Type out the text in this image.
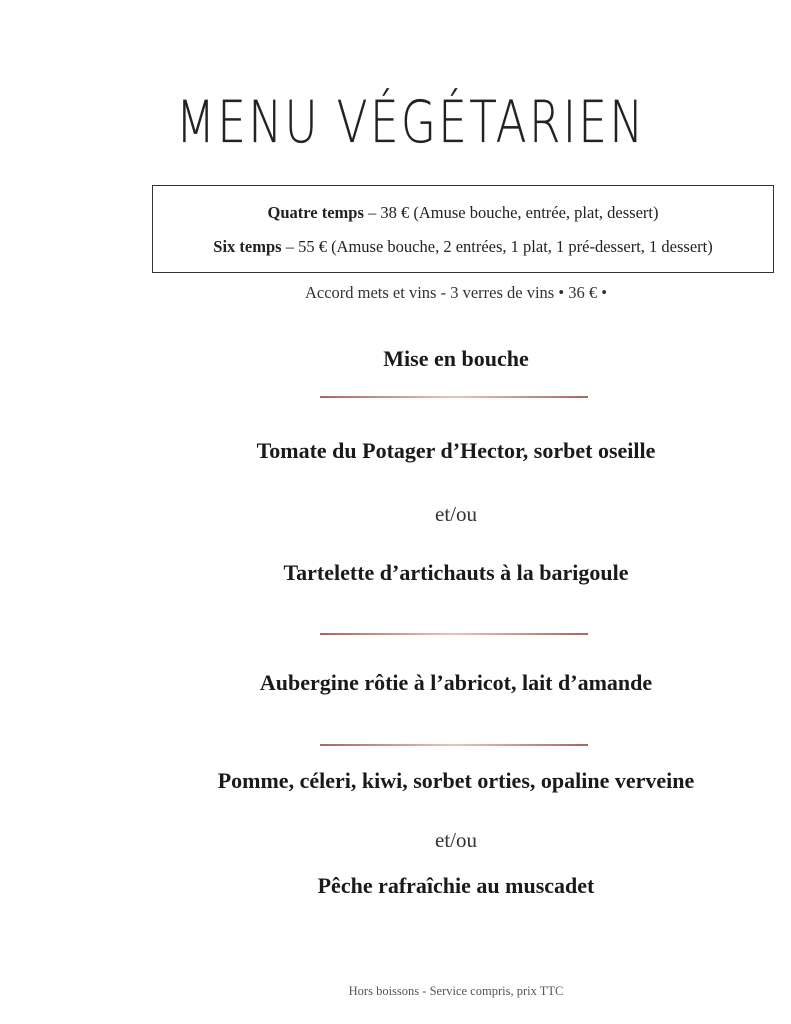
MENU VÉGÉTARIEN
Quatre temps – 38 € (Amuse bouche, entrée, plat, dessert)
Six temps – 55 € (Amuse bouche, 2 entrées, 1 plat, 1 pré-dessert, 1 dessert)
Accord mets et vins - 3 verres de vins • 36 € •
Mise en bouche
Tomate du Potager d’Hector, sorbet oseille
et/ou
Tartelette d’artichauts à la barigoule
Aubergine rôtie à l’abricot, lait d’amande
Pomme, céleri, kiwi, sorbet orties, opaline verveine
et/ou
Pêche rafraîchie au muscadet
Hors boissons - Service compris, prix TTC
